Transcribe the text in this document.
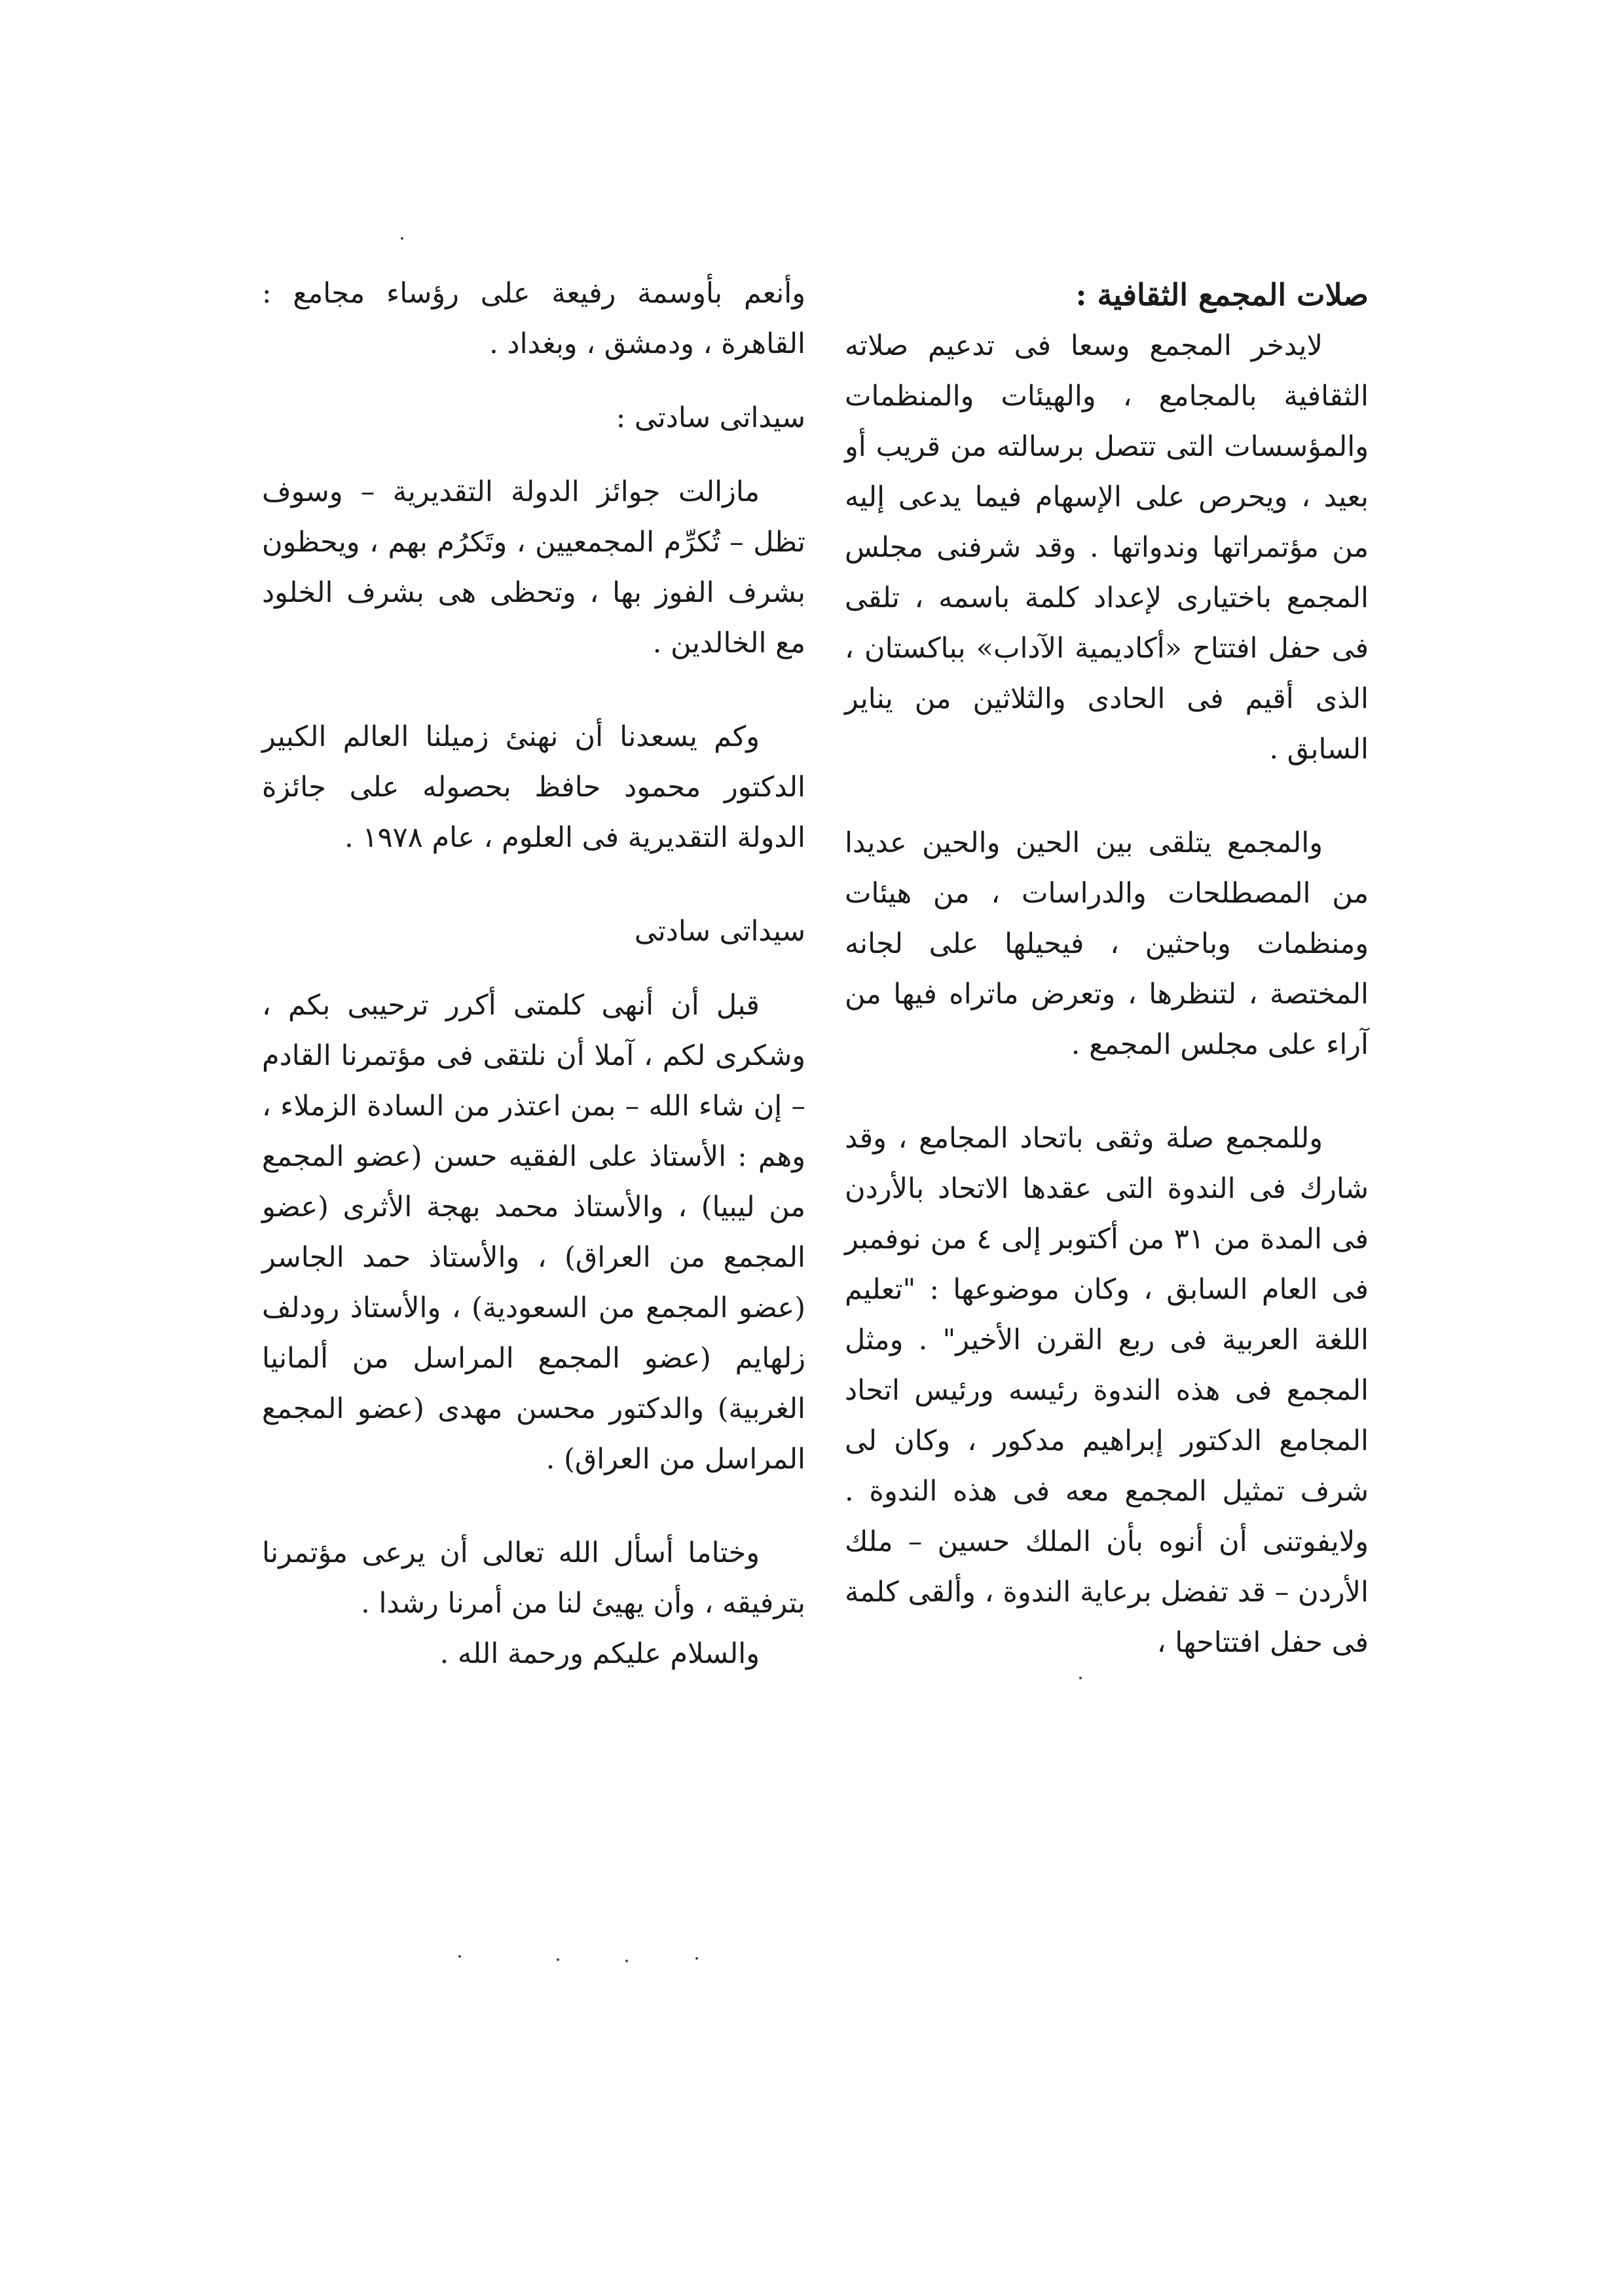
صلات المجمع الثقافية :

لايدخر المجمع وسعا فى تدعيم صلاته الثقافية بالمجامع ، والهيئات والمنظمات والمؤسسات التى تتصل برسالته من قريب أو بعيد ، ويحرص على الإسهام فيما يدعى إليه من مؤتمراتها وندواتها . وقد شرفنى مجلس المجمع باختيارى لإعداد كلمة باسمه ، تلقى فى حفل افتتاح «أكاديمية الآداب» بباكستان ، الذى أقيم فى الحادى والثلاثين من يناير السابق .

والمجمع يتلقى بين الحين والحين عديدا من المصطلحات والدراسات ، من هيئات ومنظمات وباحثين ، فيحيلها على لجانه المختصة ، لتنظرها ، وتعرض ماتراه فيها من آراء على مجلس المجمع .

وللمجمع صلة وثقى باتحاد المجامع ، وقد شارك فى الندوة التى عقدها الاتحاد بالأردن فى المدة من ٣١ من أكتوبر إلى ٤ من نوفمبر فى العام السابق ، وكان موضوعها : "تعليم اللغة العربية فى ربع القرن الأخير" . ومثل المجمع فى هذه الندوة رئيسه ورئيس اتحاد المجامع الدكتور إبراهيم مدكور ، وكان لى شرف تمثيل المجمع معه فى هذه الندوة . ولايفوتنى أن أنوه بأن الملك حسين – ملك الأردن – قد تفضل برعاية الندوة ، وألقى كلمة فى حفل افتتاحها ،

وأنعم بأوسمة رفيعة على رؤساء مجامع : القاهرة ، ودمشق ، وبغداد .

سيداتى سادتى :

مازالت جوائز الدولة التقديرية – وسوف تظل – تُكرِّم المجمعيين ، وتَكرُم بهم ، ويحظون بشرف الفوز بها ، وتحظى هى بشرف الخلود مع الخالدين .

وكم يسعدنا أن نهنئ زميلنا العالم الكبير الدكتور محمود حافظ بحصوله على جائزة الدولة التقديرية فى العلوم ، عام ١٩٧٨ .

سيداتى سادتى

قبل أن أنهى كلمتى أكرر ترحيبى بكم ، وشكرى لكم ، آملا أن نلتقى فى مؤتمرنا القادم – إن شاء الله – بمن اعتذر من السادة الزملاء ، وهم : الأستاذ على الفقيه حسن (عضو المجمع من ليبيا) ، والأستاذ محمد بهجة الأثرى (عضو المجمع من العراق) ، والأستاذ حمد الجاسر (عضو المجمع من السعودية) ، والأستاذ رودلف زلهايم (عضو المجمع المراسل من ألمانيا الغربية) والدكتور محسن مهدى (عضو المجمع المراسل من العراق) .

وختاما أسأل الله تعالى أن يرعى مؤتمرنا بترفيقه ، وأن يهيئ لنا من أمرنا رشدا .

والسلام عليكم ورحمة الله .
